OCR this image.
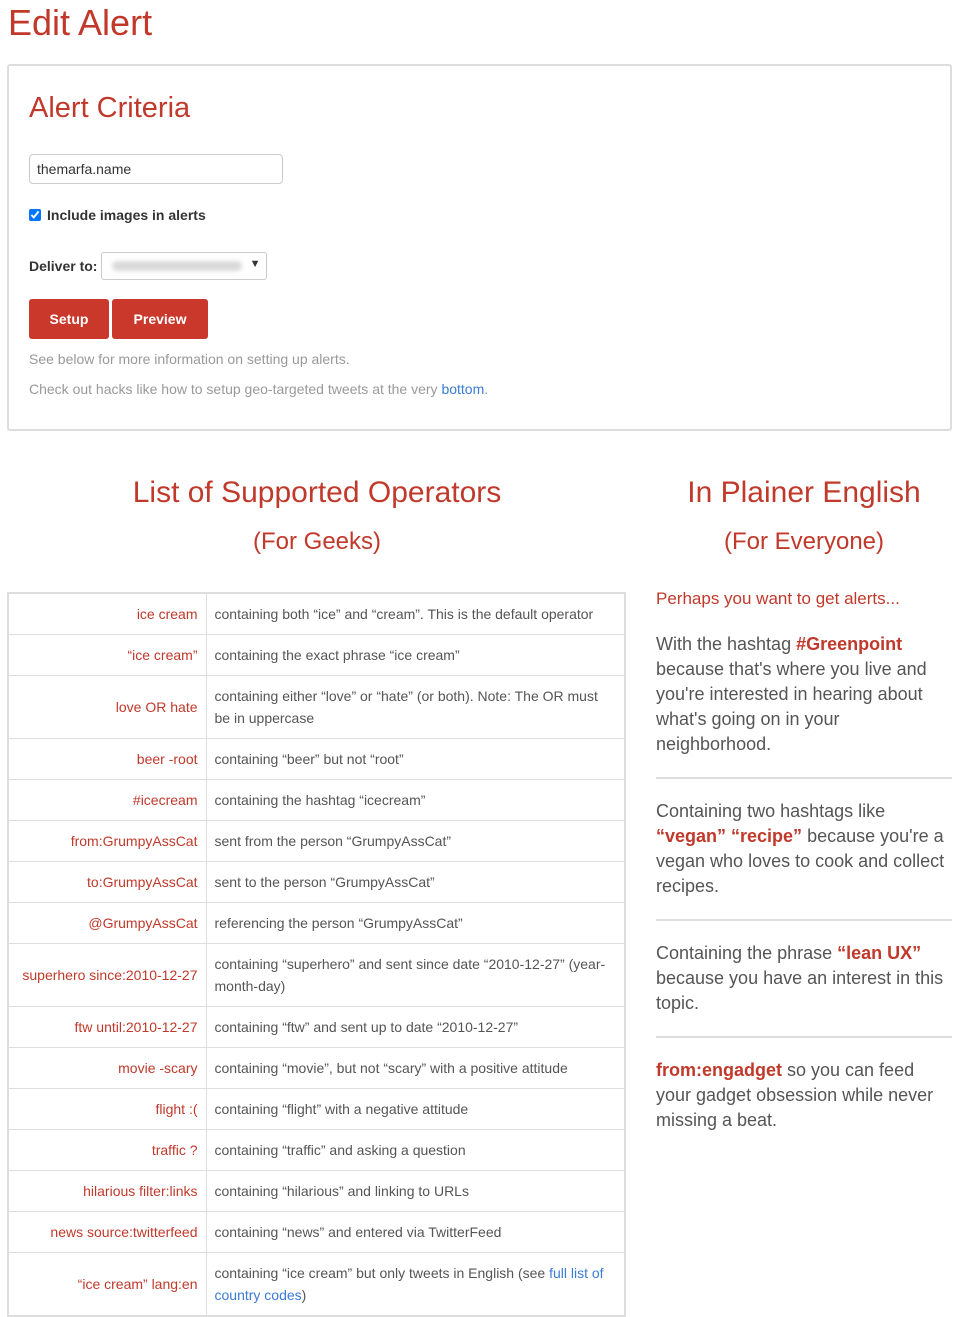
Edit Alert
Alert Criteria
themarfa.name
Include images in alerts
Deliver to:	▼
Setup	Preview
See below for more information on setting up alerts.
Check out hacks like how to setup geo-targeted tweets at the very bottom.
List of Supported Operators
(For Geeks)
In Plainer English
(For Everyone)
ice cream	containing both “ice” and “cream”. This is the default operator
“ice cream”	containing the exact phrase “ice cream”
love OR hate	containing either “love” or “hate” (or both). Note: The OR must be in uppercase
beer -root	containing “beer” but not “root”
#icecream	containing the hashtag “icecream”
from:GrumpyAssCat	sent from the person “GrumpyAssCat”
to:GrumpyAssCat	sent to the person “GrumpyAssCat”
@GrumpyAssCat	referencing the person “GrumpyAssCat”
superhero since:2010-12-27	containing “superhero” and sent since date “2010-12-27” (year-month-day)
ftw until:2010-12-27	containing “ftw” and sent up to date “2010-12-27”
movie -scary	containing “movie”, but not “scary” with a positive attitude
flight :(	containing “flight” with a negative attitude
traffic ?	containing “traffic” and asking a question
hilarious filter:links	containing “hilarious” and linking to URLs
news source:twitterfeed	containing “news” and entered via TwitterFeed
“ice cream” lang:en	containing “ice cream” but only tweets in English (see full list of country codes)

Perhaps you want to get alerts...

With the hashtag #Greenpoint because that's where you live and you're interested in hearing about what's going on in your neighborhood.
Containing two hashtags like “vegan” “recipe” because you're a vegan who loves to cook and collect recipes.
Containing the phrase “lean UX” because you have an interest in this topic.
from:engadget so you can feed your gadget obsession while never missing a beat.
